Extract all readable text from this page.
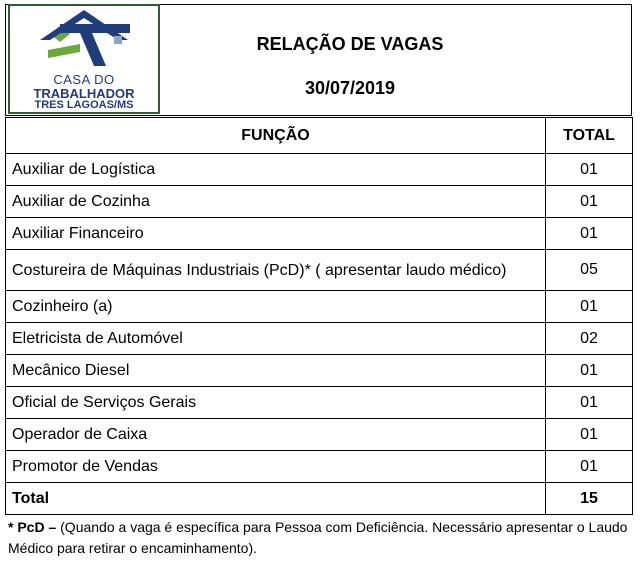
CASA DO
TRABALHADOR
TRES LAGOAS/MS
RELAÇÃO DE VAGAS
30/07/2019
FUNÇÃO	TOTAL
Auxiliar de Logística	01
Auxiliar de Cozinha	01
Auxiliar Financeiro	01
Costureira de Máquinas Industriais (PcD)* ( apresentar laudo médico)	05
Cozinheiro (a)	01
Eletricista de Automóvel	02
Mecânico Diesel	01
Oficial de Serviços Gerais	01
Operador de Caixa	01
Promotor de Vendas	01
Total	15
* PcD – (Quando a vaga é específica para Pessoa com Deficiência. Necessário apresentar o Laudo Médico para retirar o encaminhamento).
